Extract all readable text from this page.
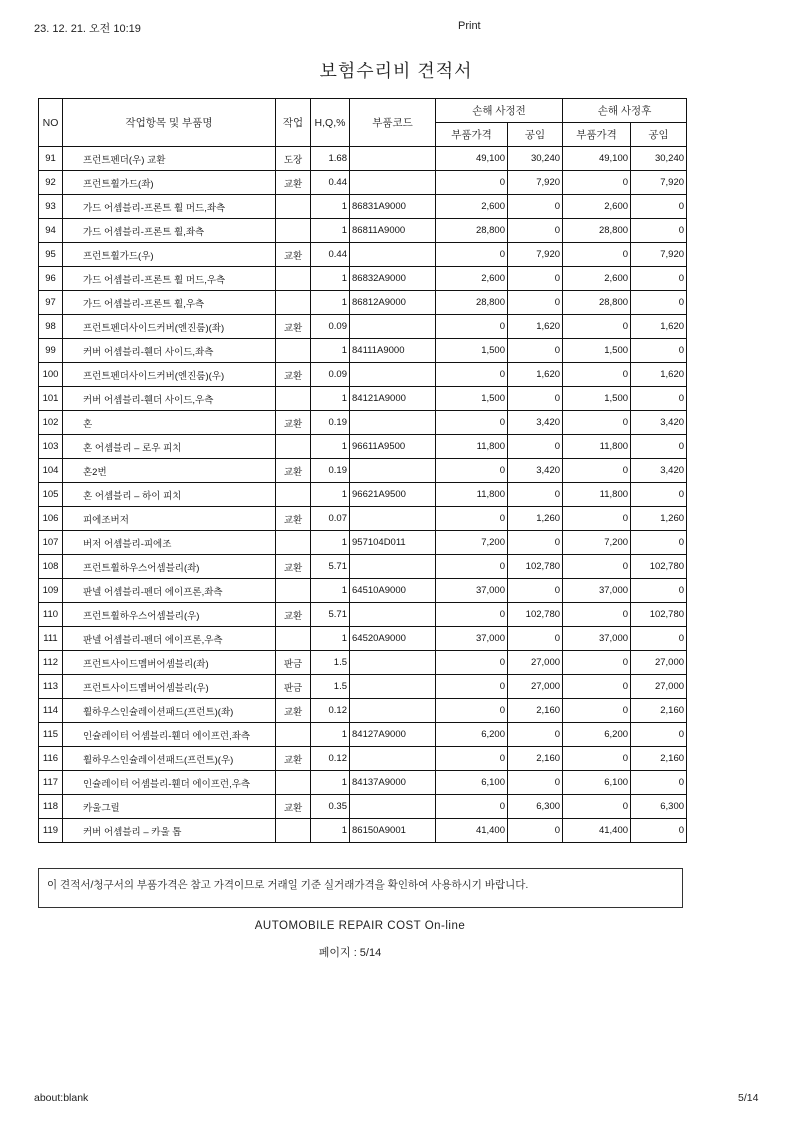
23. 12. 21. 오전 10:19	Print
보험수리비 견적서
NO	작업항목 및 부품명	작업	H,Q,%	부품코드	손해 사정전		손해 사정후	
					부품가격	공임	부품가격	공임
91	프런트펜더(우) 교환	도장	1.68		49,100	30,240	49,100	30,240
92	프런트휠가드(좌)	교환	0.44		0	7,920	0	7,920
93	가드 어셈블리-프론트 휠 머드,좌측		1	86831A9000	2,600	0	2,600	0
94	가드 어셈블리-프론트 휠,좌측		1	86811A9000	28,800	0	28,800	0
95	프런트휠가드(우)	교환	0.44		0	7,920	0	7,920
96	가드 어셈블리-프론트 휠 머드,우측		1	86832A9000	2,600	0	2,600	0
97	가드 어셈블리-프론트 휠,우측		1	86812A9000	28,800	0	28,800	0
98	프런트펜더사이드커버(엔진룸)(좌)	교환	0.09		0	1,620	0	1,620
99	커버 어셈블리-휀더 사이드,좌측		1	84111A9000	1,500	0	1,500	0
100	프런트펜더사이드커버(엔진룸)(우)	교환	0.09		0	1,620	0	1,620
101	커버 어셈블리-휀더 사이드,우측		1	84121A9000	1,500	0	1,500	0
102	혼	교환	0.19		0	3,420	0	3,420
103	혼 어셈블리 – 로우 피치		1	96611A9500	11,800	0	11,800	0
104	혼2번	교환	0.19		0	3,420	0	3,420
105	혼 어셈블리 – 하이 피치		1	96621A9500	11,800	0	11,800	0
106	피에조버저	교환	0.07		0	1,260	0	1,260
107	버저 어셈블리-피에조		1	957104D011	7,200	0	7,200	0
108	프런트휠하우스어셈블리(좌)	교환	5.71		0	102,780	0	102,780
109	판넬 어셈블리-펜더 에이프론,좌측		1	64510A9000	37,000	0	37,000	0
110	프런트휠하우스어셈블리(우)	교환	5.71		0	102,780	0	102,780
111	판넬 어셈블리-펜더 에이프론,우측		1	64520A9000	37,000	0	37,000	0
112	프런트사이드멤버어셈블리(좌)	판금	1.5		0	27,000	0	27,000
113	프런트사이드멤버어셈블리(우)	판금	1.5		0	27,000	0	27,000
114	휠하우스인슐레이션패드(프런트)(좌)	교환	0.12		0	2,160	0	2,160
115	인슐레이터 어셈블리-휀더 에이프런,좌측		1	84127A9000	6,200	0	6,200	0
116	휠하우스인슐레이션패드(프런트)(우)	교환	0.12		0	2,160	0	2,160
117	인슐레이터 어셈블리-휀더 에이프런,우측		1	84137A9000	6,100	0	6,100	0
118	카울그릴	교환	0.35		0	6,300	0	6,300
119	커버 어셈블리 – 카울 톱		1	86150A9001	41,400	0	41,400	0
이 견적서/청구서의 부품가격은 참고 가격이므로 거래일 기준 실거래가격을 확인하여 사용하시기 바랍니다.
AUTOMOBILE REPAIR COST On-line
페이지 : 5/14
about:blank	5/14
